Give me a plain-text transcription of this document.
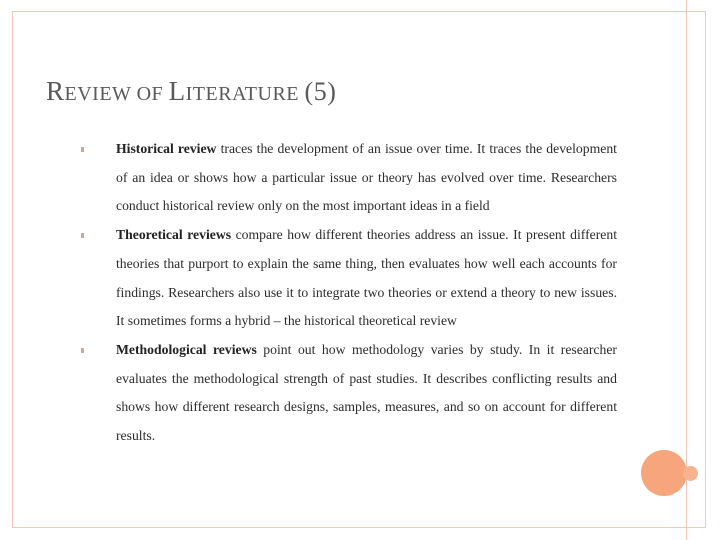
REVIEW OF LITERATURE (5)

Historical review traces the development of an issue over time. It traces the development of an idea or shows how a particular issue or theory has evolved over time. Researchers conduct historical review only on the most important ideas in a field

Theoretical reviews compare how different theories address an issue. It present different theories that purport to explain the same thing, then evaluates how well each accounts for findings. Researchers also use it to integrate two theories or extend a theory to new issues. It sometimes forms a hybrid – the historical theoretical review

Methodological reviews point out how methodology varies by study. In it researcher evaluates the methodological strength of past studies. It describes conflicting results and shows how different research designs, samples, measures, and so on account for different results.
